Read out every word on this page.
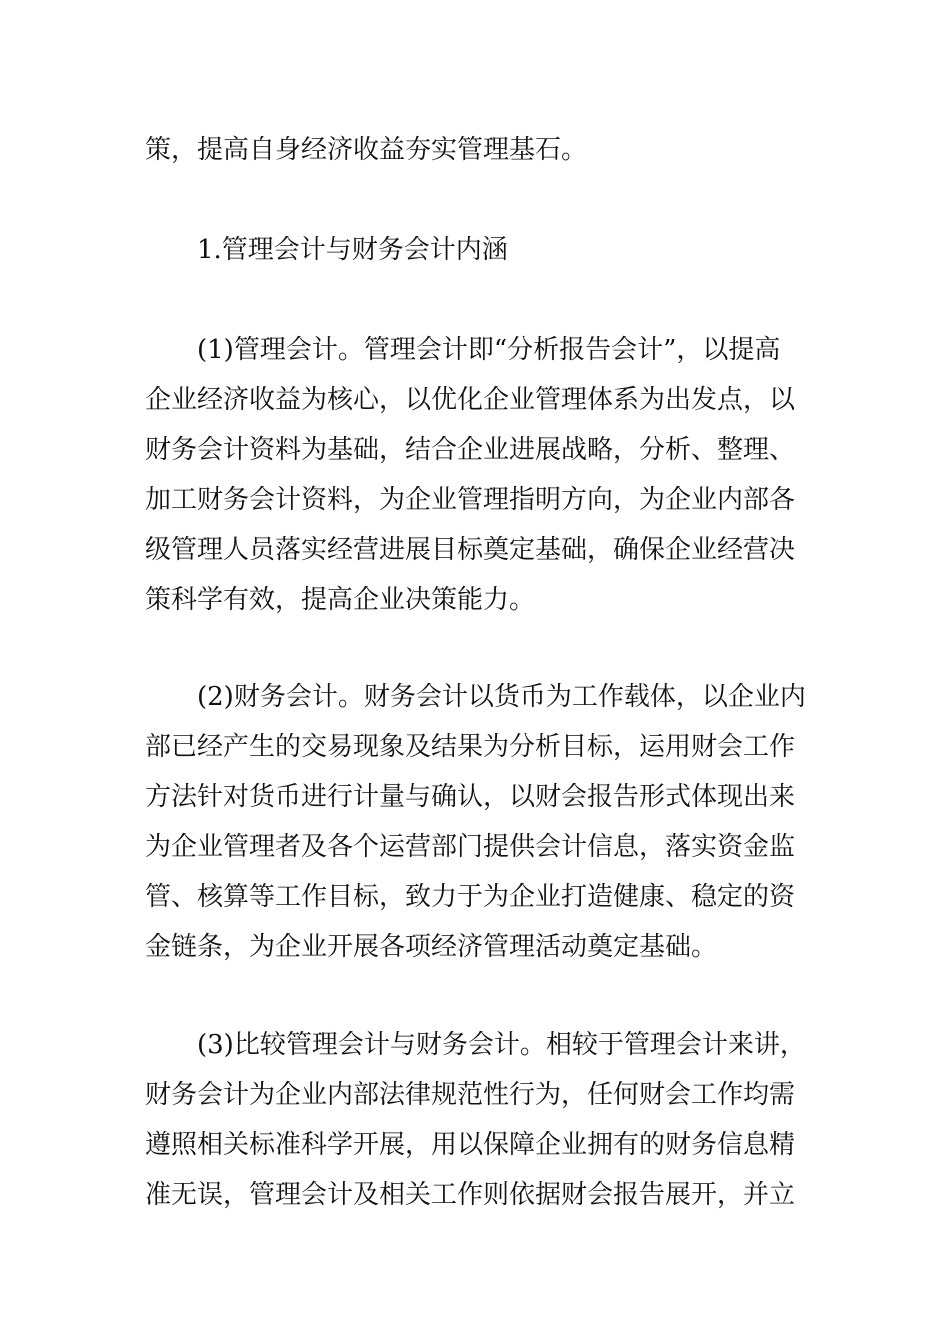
策，提高自身经济收益夯实管理基石。
1.管理会计与财务会计内涵
(1)管理会计。管理会计即“分析报告会计”，以提高
企业经济收益为核心，以优化企业管理体系为出发点，以
财务会计资料为基础，结合企业进展战略，分析、整理、
加工财务会计资料，为企业管理指明方向，为企业内部各
级管理人员落实经营进展目标奠定基础，确保企业经营决
策科学有效，提高企业决策能力。
(2)财务会计。财务会计以货币为工作载体，以企业内
部已经产生的交易现象及结果为分析目标，运用财会工作
方法针对货币进行计量与确认，以财会报告形式体现出来
为企业管理者及各个运营部门提供会计信息，落实资金监
管、核算等工作目标，致力于为企业打造健康、稳定的资
金链条，为企业开展各项经济管理活动奠定基础。
(3)比较管理会计与财务会计。相较于管理会计来讲，
财务会计为企业内部法律规范性行为，任何财会工作均需
遵照相关标准科学开展，用以保障企业拥有的财务信息精
准无误，管理会计及相关工作则依据财会报告展开，并立
